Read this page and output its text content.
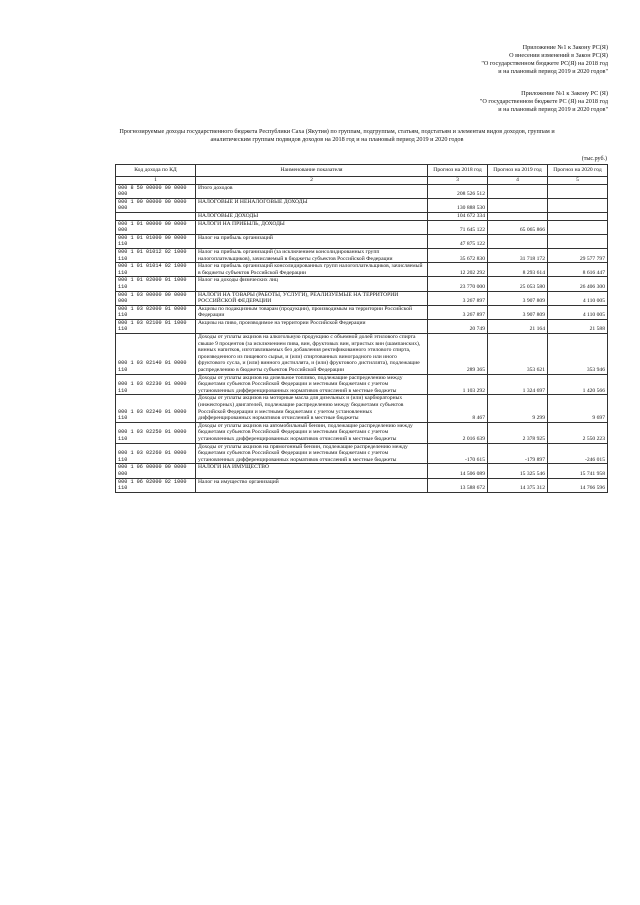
Приложение №1 к Закону РС(Я)
О внесении изменений в Закон РС(Я)
"О государственном бюджете РС(Я) на 2018 год
и на плановый период 2019 и 2020 годов"
Приложение №1 к Закону РС (Я)
"О государственном бюджете РС (Я) на 2018 год
и на плановый период 2019 и 2020 годов"
Прогнозируемые доходы государственного бюджета Республики Саха (Якутия) по группам, подгруппам, статьям, подстатьям и элементам видов доходов, группам и
аналитическим группам подвидов доходов на 2018 год и на плановый период 2019 и 2020 годов
(тыс.руб.)
Код дохода по КД	Наименование показателя	Прогноз на 2018 год	Прогноз на 2019 год	Прогноз на 2020 год
1	2	3	4	5
000 8 50 00000 00 0000 000	Итого доходов	208 526 512		
000 1 00 00000 00 0000 000	НАЛОГОВЫЕ И НЕНАЛОГОВЫЕ ДОХОДЫ	130 888 530		
	НАЛОГОВЫЕ ДОХОДЫ	104 672 334		
000 1 01 00000 00 0000 000	НАЛОГИ НА ПРИБЫЛЬ, ДОХОДЫ	71 645 122	65 065 866	
000 1 01 01000 00 0000 110	Налог на прибыль организаций	47 875 122		
000 1 01 01012 02 1000 110	Налог на прибыль организаций (за исключением консолидированных групп налогоплательщиков), зачисляемый в бюджеты субъектов Российской Федерации	35 672 830	31 718 172	29 577 797
000 1 01 01014 02 1000 110	Налог на прибыль организаций консолидированных групп налогоплательщиков, зачисляемый в бюджеты субъектов Российской Федерации	12 202 292	8 293 614	8 616 447
000 1 01 02000 01 1000 110	Налог на доходы физических лиц	23 770 000	25 053 580	26 406 300
000 1 03 00000 00 0000 000	НАЛОГИ НА ТОВАРЫ (РАБОТЫ, УСЛУГИ), РЕАЛИЗУЕМЫЕ НА ТЕРРИТОРИИ РОССИЙСКОЙ ФЕДЕРАЦИИ	3 267 897	3 907 809	4 110 005
000 1 03 02000 01 0000 110	Акцизы по подакцизным товарам (продукции), производимым на территории Российской Федерации	3 267 897	3 907 809	4 110 005
000 1 03 02100 01 1000 110	Акцизы на пиво, производимое на территории Российской Федерации	20 749	21 164	21 588
000 1 03 02140 01 0000 110	Доходы от уплаты акцизов на алкогольную продукцию с объемной долей этилового спирта свыше 9 процентов (за исключением пива, вин, фруктовых вин, игристых вин (шампанских), винных напитков, изготавливаемых без добавления ректификованного этилового спирта, произведенного из пищевого сырья, и (или) спиртованных виноградного или иного фруктового сусла, и (или) винного дистиллята, и (или) фруктового дистиллята), подлежащие распределению в бюджеты субъектов Российской Федерации	289 365	353 621	353 946
000 1 03 02230 01 0000 110	Доходы от уплаты акцизов на дизельное топливо, подлежащие распределению между бюджетами субъектов Российской Федерации и местными бюджетами с учетом установленных дифференцированных нормативов отчислений в местные бюджеты	1 103 292	1 324 697	1 420 566
000 1 03 02240 01 0000 110	Доходы от уплаты акцизов на моторные масла для дизельных и (или) карбюраторных (инжекторных) двигателей, подлежащие распределению между бюджетами субъектов Российской Федерации и местными бюджетами с учетом установленных дифференцированных нормативов отчислений в местные бюджеты	8 467	9 299	9 697
000 1 03 02250 01 0000 110	Доходы от уплаты акцизов на автомобильный бензин, подлежащие распределению между бюджетами субъектов Российской Федерации и местными бюджетами с учетом установленных дифференцированных нормативов отчислений в местные бюджеты	2 016 639	2 378 925	2 550 223
000 1 03 02260 01 0000 110	Доходы от уплаты акцизов на прямогонный бензин, подлежащие распределению между бюджетами субъектов Российской Федерации и местными бюджетами с учетом установленных дифференцированных нормативов отчислений в местные бюджеты	-170 615	-179 897	-246 015
000 1 06 00000 00 0000 000	НАЛОГИ НА ИМУЩЕСТВО	14 506 089	15 325 546	15 741 958
000 1 06 02000 02 1000 110	Налог на имущество организаций	13 588 672	14 375 312	14 766 596
